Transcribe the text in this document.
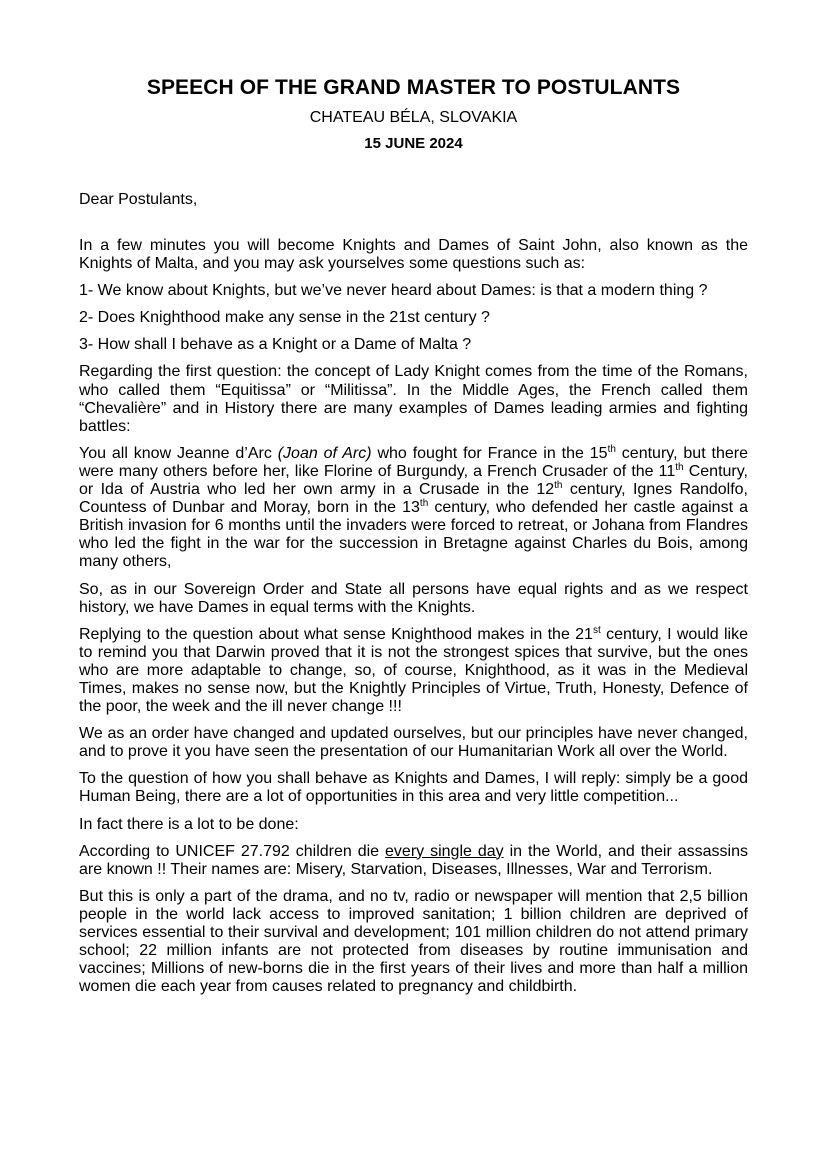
SPEECH OF THE GRAND MASTER TO POSTULANTS
CHATEAU BÉLA, SLOVAKIA
15 JUNE 2024
Dear Postulants,

In a few minutes you will become Knights and Dames of Saint John, also known as the Knights of Malta, and you may ask yourselves some questions such as:

1- We know about Knights, but we’ve never heard about Dames: is that a modern thing ?

2- Does Knighthood make any sense in the 21st century ?

3- How shall I behave as a Knight or a Dame of Malta ?

Regarding the first question: the concept of Lady Knight comes from the time of the Romans, who called them “Equitissa” or “Militissa”. In the Middle Ages, the French called them “Chevalière” and in History there are many examples of Dames leading armies and fighting battles:

You all know Jeanne d’Arc (Joan of Arc) who fought for France in the 15th century, but there were many others before her, like Florine of Burgundy, a French Crusader of the 11th Century, or Ida of Austria who led her own army in a Crusade in the 12th century, Ignes Randolfo, Countess of Dunbar and Moray, born in the 13th century, who defended her castle against a British invasion for 6 months until the invaders were forced to retreat, or Johana from Flandres who led the fight in the war for the succession in Bretagne against Charles du Bois, among many others,

So, as in our Sovereign Order and State all persons have equal rights and as we respect history, we have Dames in equal terms with the Knights.

Replying to the question about what sense Knighthood makes in the 21st century, I would like to remind you that Darwin proved that it is not the strongest spices that survive, but the ones who are more adaptable to change, so, of course, Knighthood, as it was in the Medieval Times, makes no sense now, but the Knightly Principles of Virtue, Truth, Honesty, Defence of the poor, the week and the ill never change !!!

We as an order have changed and updated ourselves, but our principles have never changed, and to prove it you have seen the presentation of our Humanitarian Work all over the World.

To the question of how you shall behave as Knights and Dames, I will reply: simply be a good Human Being, there are a lot of opportunities in this area and very little competition...

In fact there is a lot to be done:

According to UNICEF 27.792 children die every single day in the World, and their assassins are known !! Their names are: Misery, Starvation, Diseases, Illnesses, War and Terrorism.

But this is only a part of the drama, and no tv, radio or newspaper will mention that 2,5 billion people in the world lack access to improved sanitation; 1 billion children are deprived of services essential to their survival and development; 101 million children do not attend primary school; 22 million infants are not protected from diseases by routine immunisation and vaccines; Millions of new-borns die in the first years of their lives and more than half a million women die each year from causes related to pregnancy and childbirth.
